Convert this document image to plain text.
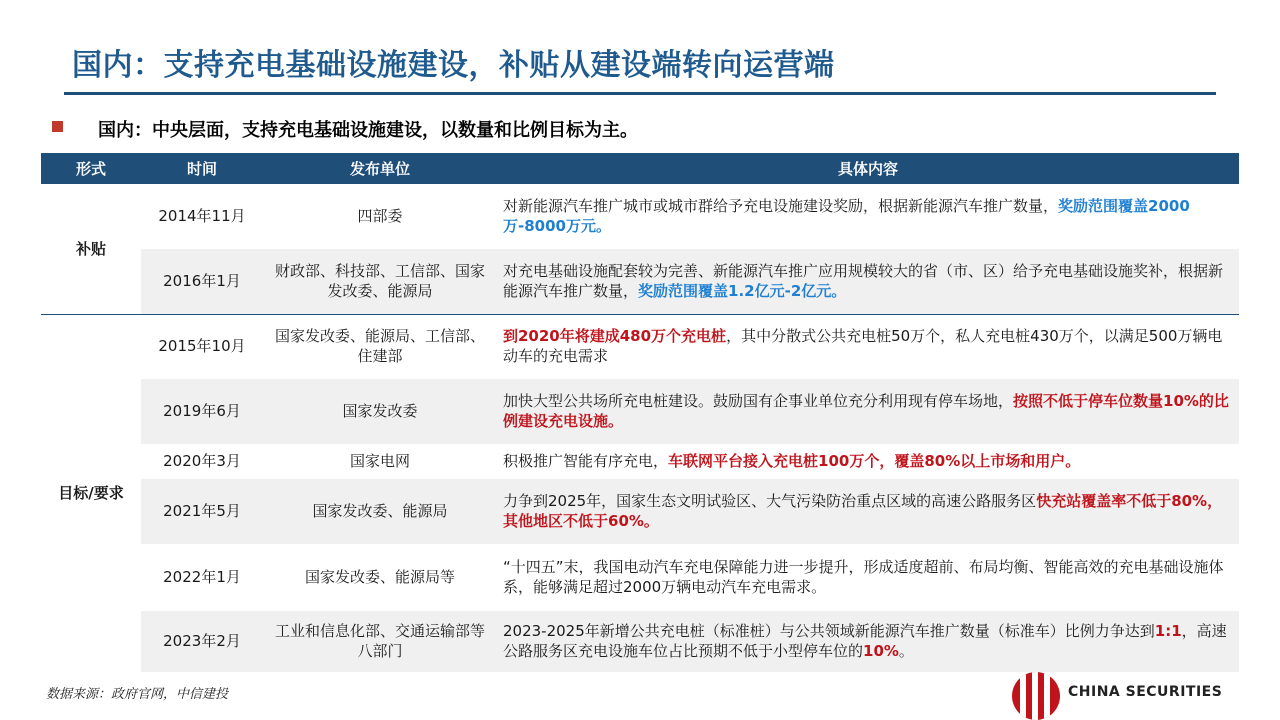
国内：支持充电基础设施建设，补贴从建设端转向运营端
国内：中央层面，支持充电基础设施建设，以数量和比例目标为主。
形式	时间	发布单位	具体内容
补贴	2014年11月	四部委	对新能源汽车推广城市或城市群给予充电设施建设奖励，根据新能源汽车推广数量，奖励范围覆盖2000万-8000万元。
	2016年1月	财政部、科技部、工信部、国家发改委、能源局	对充电基础设施配套较为完善、新能源汽车推广应用规模较大的省（市、区）给予充电基础设施奖补，根据新能源汽车推广数量，奖励范围覆盖1.2亿元-2亿元。
目标/要求	2015年10月	国家发改委、能源局、工信部、住建部	到2020年将建成480万个充电桩，其中分散式公共充电桩50万个，私人充电桩430万个，以满足500万辆电动车的充电需求
	2019年6月	国家发改委	加快大型公共场所充电桩建设。鼓励国有企事业单位充分利用现有停车场地，按照不低于停车位数量10%的比例建设充电设施。
	2020年3月	国家电网	积极推广智能有序充电，车联网平台接入充电桩100万个，覆盖80%以上市场和用户。
	2021年5月	国家发改委、能源局	力争到2025年，国家生态文明试验区、大气污染防治重点区域的高速公路服务区快充站覆盖率不低于80%，其他地区不低于60%。
	2022年1月	国家发改委、能源局等	“十四五”末，我国电动汽车充电保障能力进一步提升，形成适度超前、布局均衡、智能高效的充电基础设施体系，能够满足超过2000万辆电动汽车充电需求。
	2023年2月	工业和信息化部、交通运输部等八部门	2023-2025年新增公共充电桩（标准桩）与公共领域新能源汽车推广数量（标准车）比例力争达到1:1，高速公路服务区充电设施车位占比预期不低于小型停车位的10%。
数据来源：政府官网，中信建投	CHINA SECURITIES
